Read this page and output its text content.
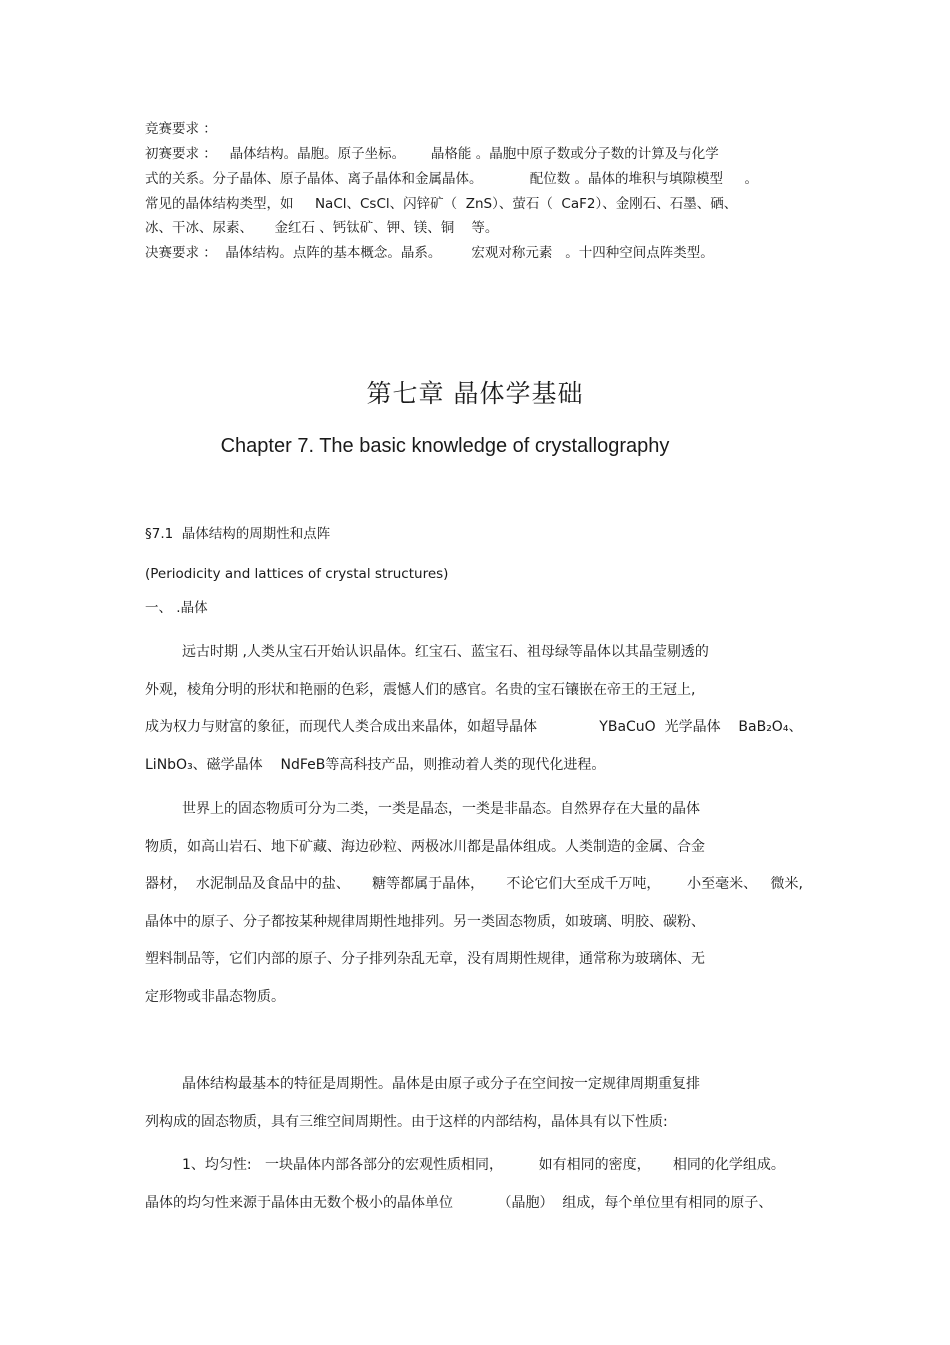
竞赛要求 ：
初赛要求 ：   晶体结构。晶胞。原子坐标。      晶格能 。晶胞中原子数或分子数的计算及与化学
式的关系。分子晶体、原子晶体、离子晶体和金属晶体。           配位数 。晶体的堆积与填隙模型     。
常见的晶体结构类型，如     NaCl、CsCl、闪锌矿（  ZnS）、萤石（  CaF2）、金刚石、石墨、硒、
冰、干冰、尿素、     金红石 、钙钛矿、钾、镁、铜    等。
决赛要求 ：  晶体结构。点阵的基本概念。晶系。       宏观对称元素   。十四种空间点阵类型。
第七章 晶体学基础
Chapter 7. The basic knowledge of crystallography
§7.1  晶体结构的周期性和点阵
(Periodicity and lattices of crystal structures)
一、 .晶体
远古时期 ,人类从宝石开始认识晶体。红宝石、蓝宝石、祖母绿等晶体以其晶莹剔透的
外观，棱角分明的形状和艳丽的色彩，震憾人们的感官。名贵的宝石镶嵌在帝王的王冠上,
成为权力与财富的象征，而现代人类合成出来晶体，如超导晶体              YBaCuO  光学晶体    BaB₂O₄、
LiNbO₃、磁学晶体    NdFeB等高科技产品，则推动着人类的现代化进程。
世界上的固态物质可分为二类，一类是晶态，一类是非晶态。自然界存在大量的晶体
物质，如高山岩石、地下矿藏、海边砂粒、两极冰川都是晶体组成。人类制造的金属、合金
器材，  水泥制品及食品中的盐、     糖等都属于晶体，     不论它们大至成千万吨，      小至毫米、   微米,
晶体中的原子、分子都按某种规律周期性地排列。另一类固态物质，如玻璃、明胶、碳粉、
塑料制品等，它们内部的原子、分子排列杂乱无章，没有周期性规律，通常称为玻璃体、无
定形物或非晶态物质。
晶体结构最基本的特征是周期性。晶体是由原子或分子在空间按一定规律周期重复排
列构成的固态物质，具有三维空间周期性。由于这样的内部结构，晶体具有以下性质:
1、均匀性:   一块晶体内部各部分的宏观性质相同，        如有相同的密度，     相同的化学组成。
晶体的均匀性来源于晶体由无数个极小的晶体单位          （晶胞）  组成，每个单位里有相同的原子、
